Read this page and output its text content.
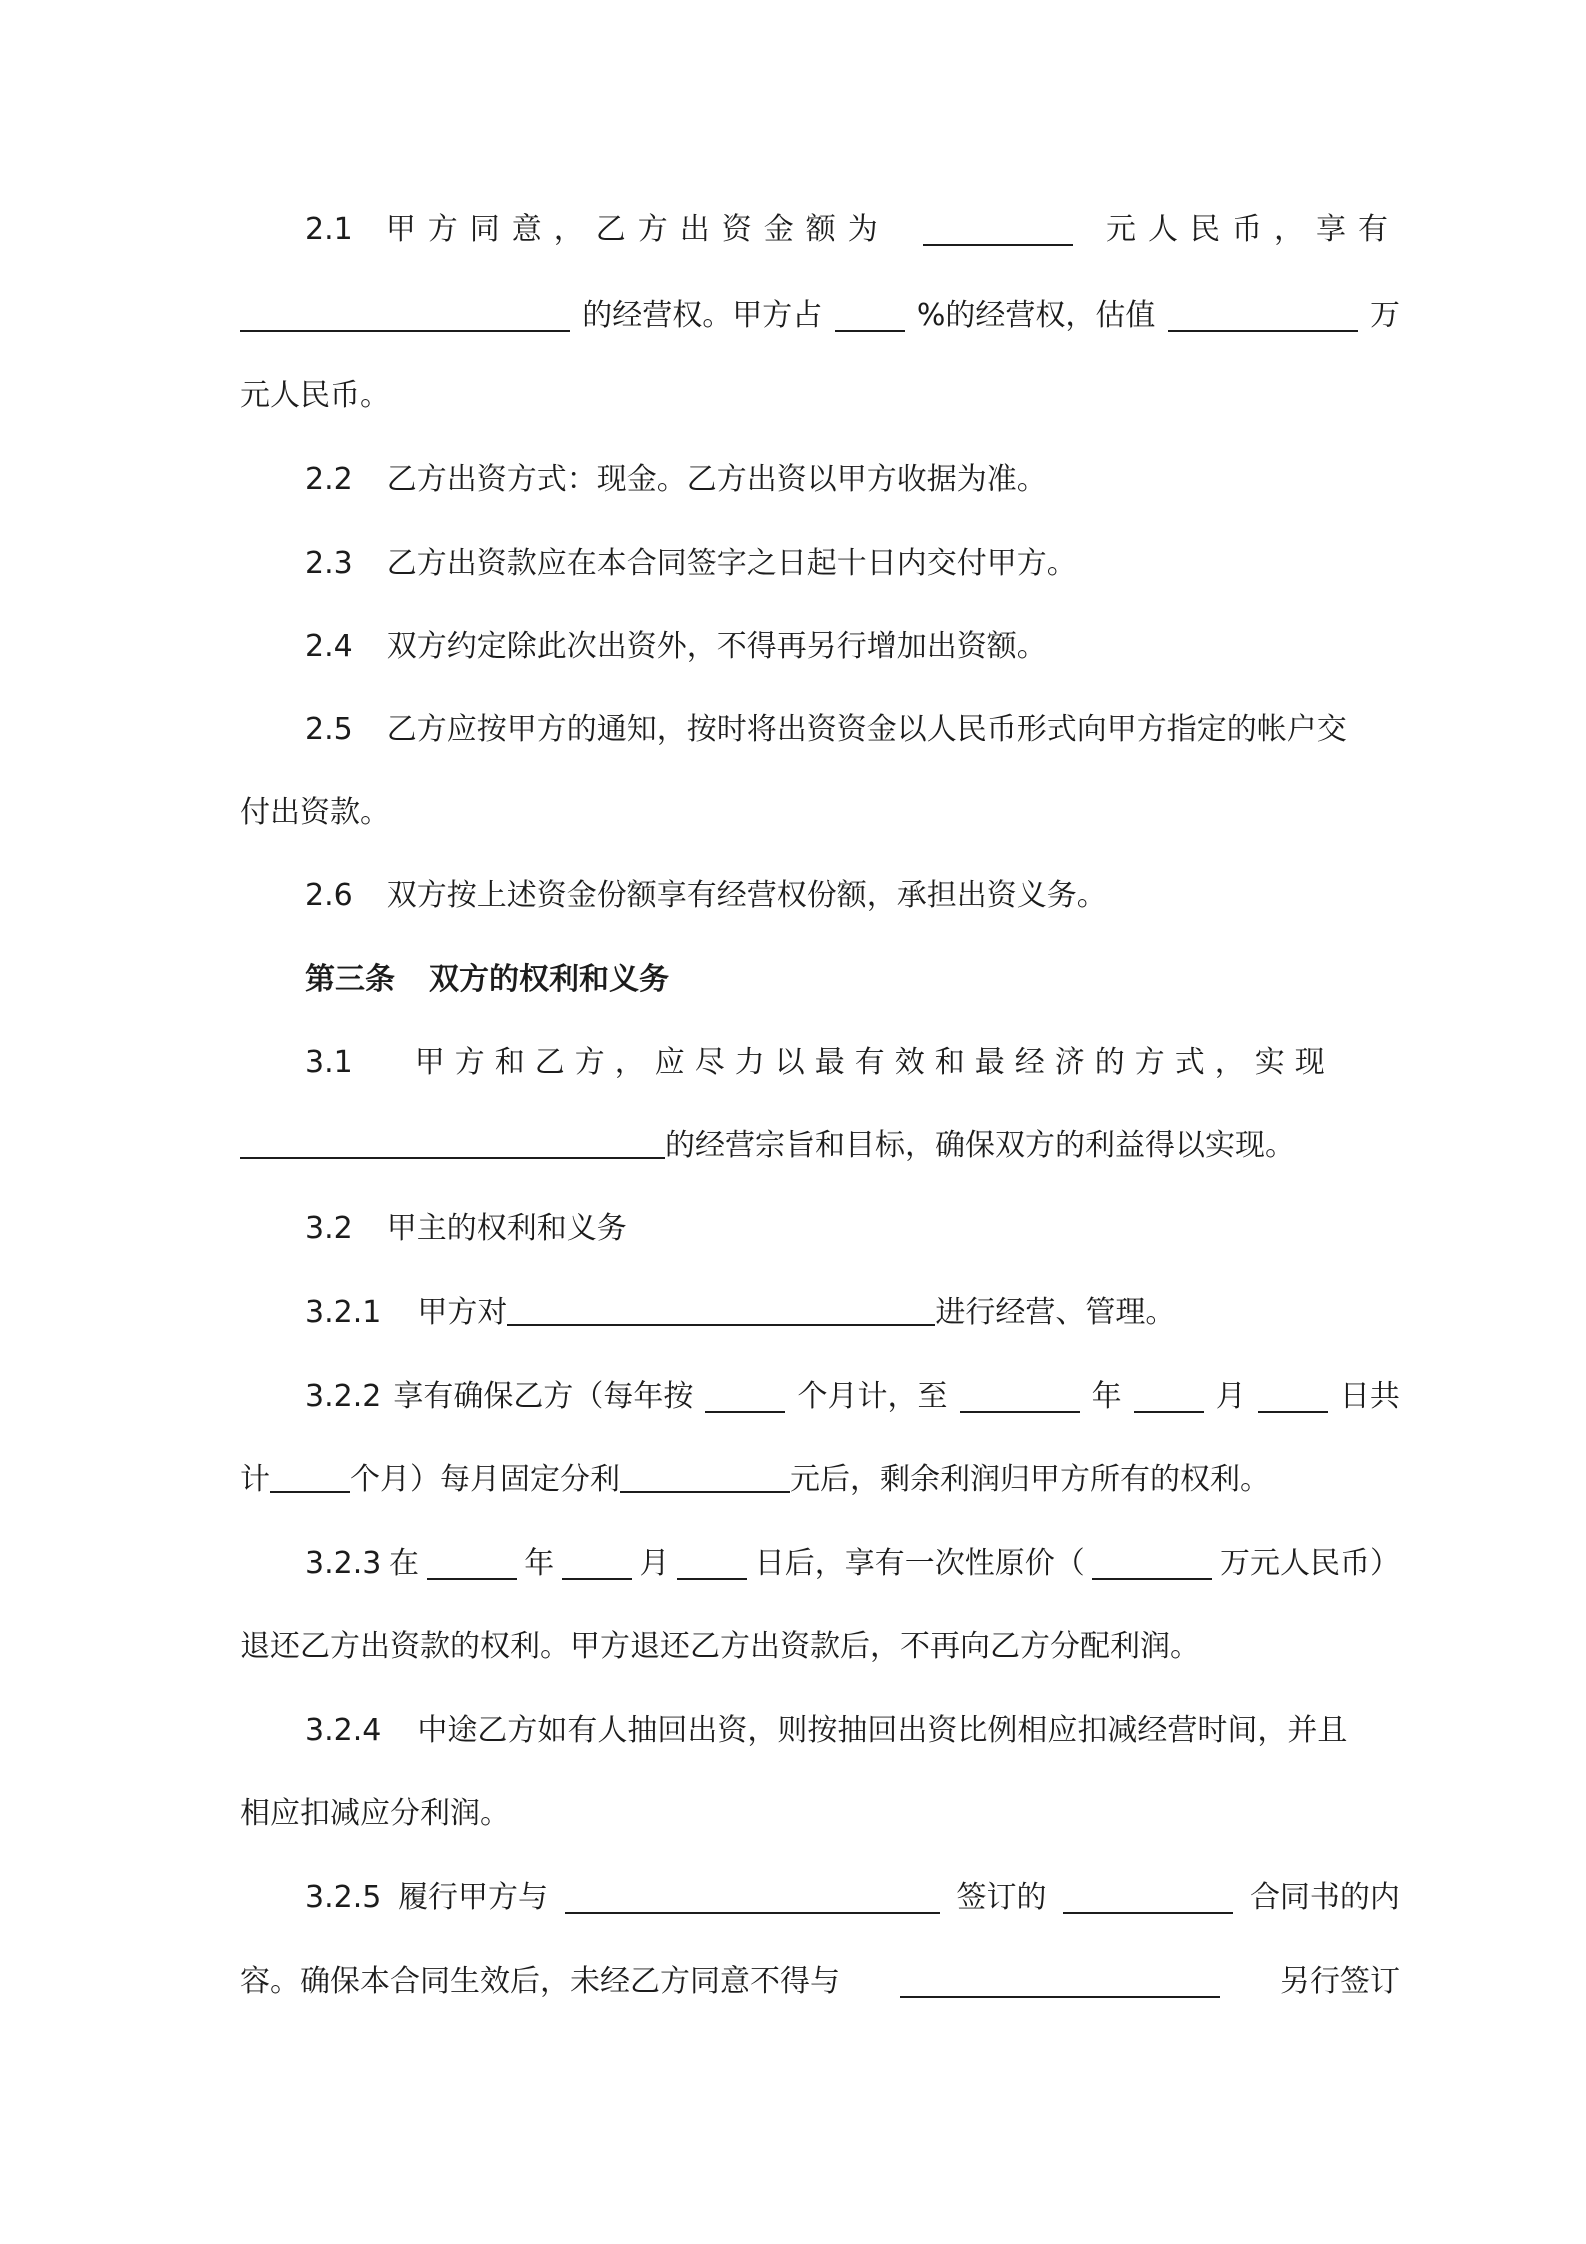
2.1 甲方同意，乙方出资金额为	元人民币，享有
的经营权。甲方占	%的经营权，估值	万
元人民币。
2.2 乙方出资方式：现金。乙方出资以甲方收据为准。
2.3 乙方出资款应在本合同签字之日起十日内交付甲方。
2.4 双方约定除此次出资外，不得再另行增加出资额。
2.5 乙方应按甲方的通知，按时将出资资金以人民币形式向甲方指定的帐户交
付出资款。
2.6 双方按上述资金份额享有经营权份额，承担出资义务。
第三条 双方的权利和义务
3.1 甲方和乙方，应尽力以最有效和最经济的方式，实现
的经营宗旨和目标，确保双方的利益得以实现。
3.2 甲主的权利和义务
3.2.1 甲方对	进行经营、管理。
3.2.2 享有确保乙方（每年按	个月计，至	年	月	日共
计	个月）每月固定分利	元后，剩余利润归甲方所有的权利。
3.2.3 在	年	月	日后，享有一次性原价（	万元人民币）
退还乙方出资款的权利。甲方退还乙方出资款后，不再向乙方分配利润。
3.2.4 中途乙方如有人抽回出资，则按抽回出资比例相应扣减经营时间，并且
相应扣减应分利润。
3.2.5 履行甲方与	签订的	合同书的内
容。确保本合同生效后，未经乙方同意不得与	另行签订
